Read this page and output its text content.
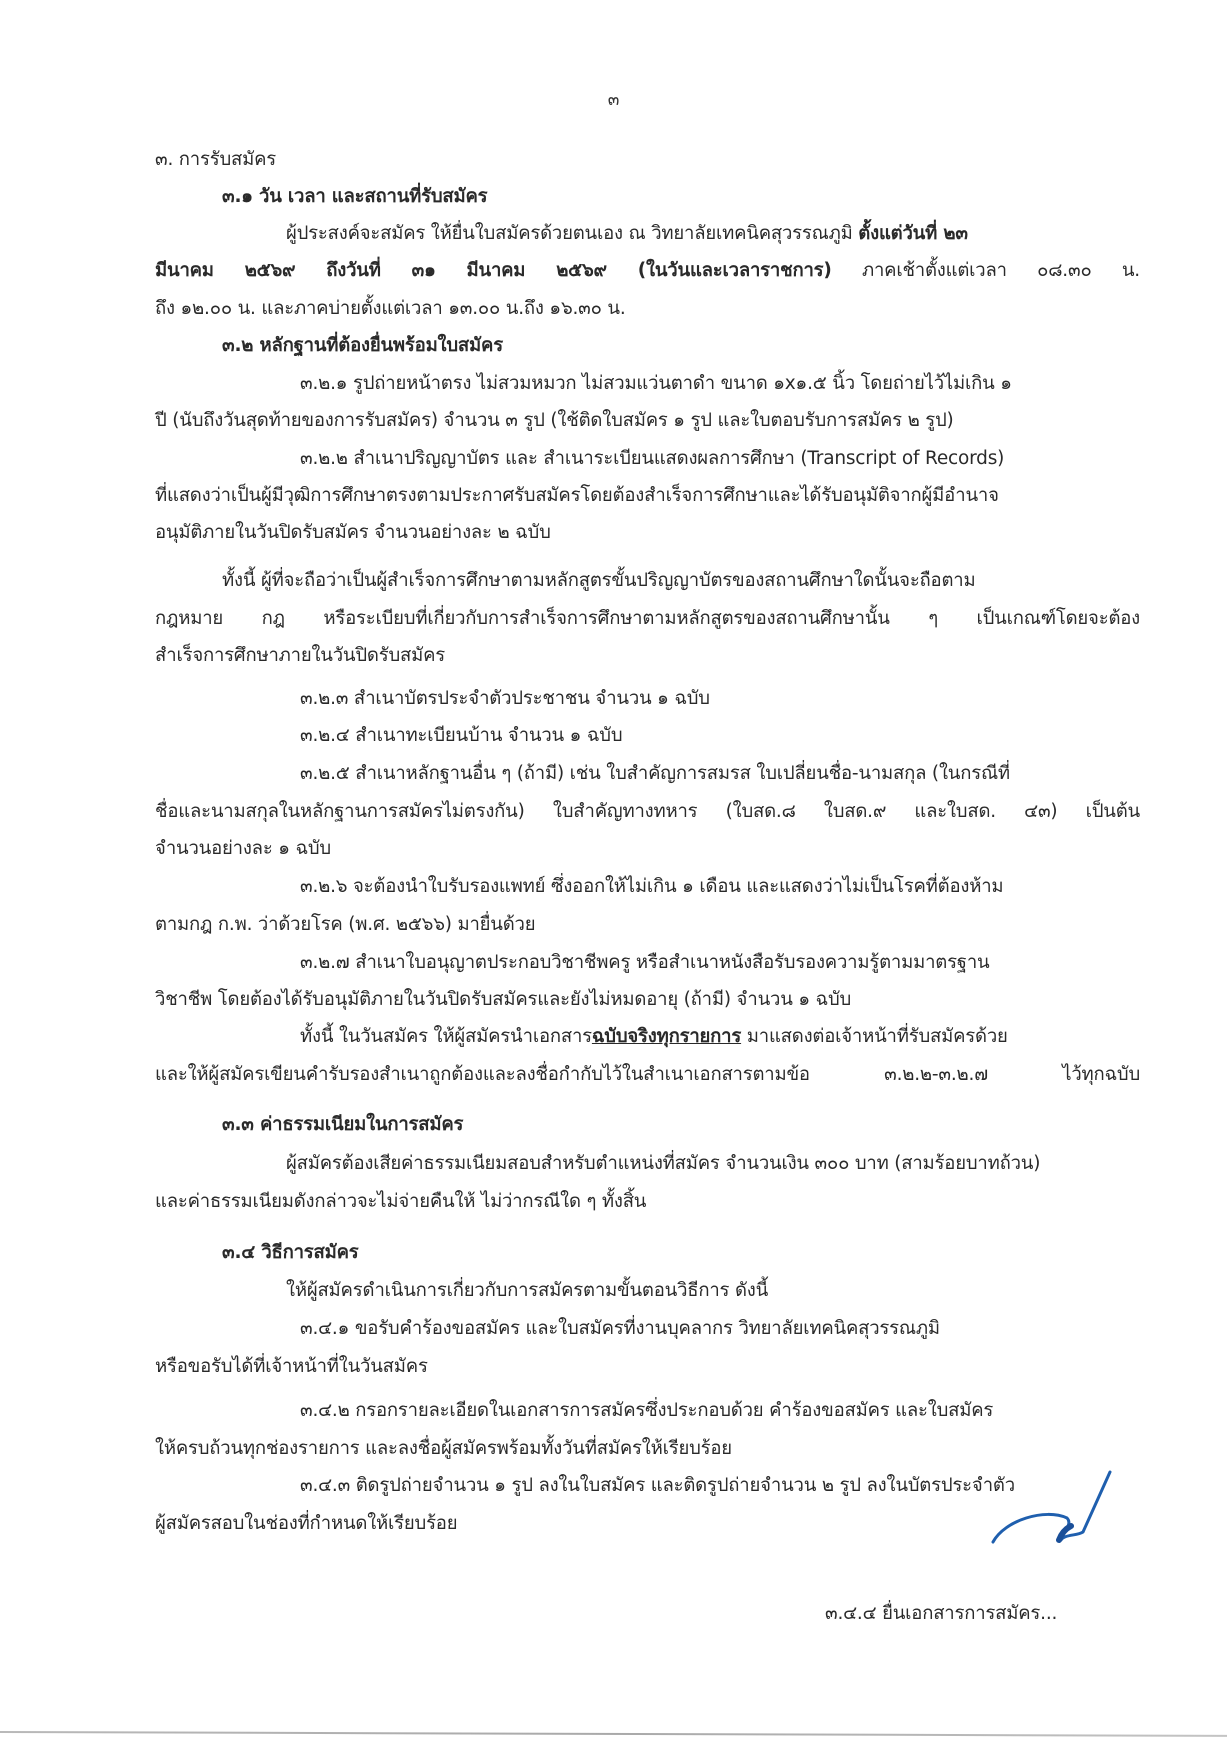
๓
๓. การรับสมัคร
๓.๑ วัน เวลา และสถานที่รับสมัคร
ผู้ประสงค์จะสมัคร ให้ยื่นใบสมัครด้วยตนเอง ณ วิทยาลัยเทคนิคสุวรรณภูมิ ตั้งแต่วันที่ ๒๓
มีนาคม ๒๕๖๙ ถึงวันที่ ๓๑ มีนาคม ๒๕๖๙ (ในวันและเวลาราชการ) ภาคเช้าตั้งแต่เวลา ๐๘.๓๐ น.
ถึง ๑๒.๐๐ น. และภาคบ่ายตั้งแต่เวลา ๑๓.๐๐ น.ถึง ๑๖.๓๐ น.
๓.๒ หลักฐานที่ต้องยื่นพร้อมใบสมัคร
๓.๒.๑ รูปถ่ายหน้าตรง ไม่สวมหมวก ไม่สวมแว่นตาดำ ขนาด ๑x๑.๕ นิ้ว โดยถ่ายไว้ไม่เกิน ๑
ปี (นับถึงวันสุดท้ายของการรับสมัคร) จำนวน ๓ รูป (ใช้ติดใบสมัคร ๑ รูป และใบตอบรับการสมัคร ๒ รูป)
๓.๒.๒ สำเนาปริญญาบัตร และ สำเนาระเบียนแสดงผลการศึกษา (Transcript of Records)
ที่แสดงว่าเป็นผู้มีวุฒิการศึกษาตรงตามประกาศรับสมัครโดยต้องสำเร็จการศึกษาและได้รับอนุมัติจากผู้มีอำนาจ
อนุมัติภายในวันปิดรับสมัคร จำนวนอย่างละ ๒ ฉบับ
ทั้งนี้ ผู้ที่จะถือว่าเป็นผู้สำเร็จการศึกษาตามหลักสูตรขั้นปริญญาบัตรของสถานศึกษาใดนั้นจะถือตาม
กฎหมาย กฎ หรือระเบียบที่เกี่ยวกับการสำเร็จการศึกษาตามหลักสูตรของสถานศึกษานั้น ๆ เป็นเกณฑ์โดยจะต้อง
สำเร็จการศึกษาภายในวันปิดรับสมัคร
๓.๒.๓ สำเนาบัตรประจำตัวประชาชน จำนวน ๑ ฉบับ
๓.๒.๔ สำเนาทะเบียนบ้าน จำนวน ๑ ฉบับ
๓.๒.๕ สำเนาหลักฐานอื่น ๆ (ถ้ามี) เช่น ใบสำคัญการสมรส ใบเปลี่ยนชื่อ-นามสกุล (ในกรณีที่
ชื่อและนามสกุลในหลักฐานการสมัครไม่ตรงกัน) ใบสำคัญทางทหาร (ใบสด.๘ ใบสด.๙ และใบสด. ๔๓) เป็นต้น
จำนวนอย่างละ ๑ ฉบับ
๓.๒.๖ จะต้องนำใบรับรองแพทย์ ซึ่งออกให้ไม่เกิน ๑ เดือน และแสดงว่าไม่เป็นโรคที่ต้องห้าม
ตามกฎ ก.พ. ว่าด้วยโรค (พ.ศ. ๒๕๖๖) มายื่นด้วย
๓.๒.๗ สำเนาใบอนุญาตประกอบวิชาชีพครู หรือสำเนาหนังสือรับรองความรู้ตามมาตรฐาน
วิชาชีพ โดยต้องได้รับอนุมัติภายในวันปิดรับสมัครและยังไม่หมดอายุ (ถ้ามี) จำนวน ๑ ฉบับ
ทั้งนี้ ในวันสมัคร ให้ผู้สมัครนำเอกสารฉบับจริงทุกรายการ มาแสดงต่อเจ้าหน้าที่รับสมัครด้วย
และให้ผู้สมัครเขียนคำรับรองสำเนาถูกต้องและลงชื่อกำกับไว้ในสำเนาเอกสารตามข้อ ๓.๒.๒-๓.๒.๗ ไว้ทุกฉบับ
๓.๓ ค่าธรรมเนียมในการสมัคร
ผู้สมัครต้องเสียค่าธรรมเนียมสอบสำหรับตำแหน่งที่สมัคร จำนวนเงิน ๓๐๐ บาท (สามร้อยบาทถ้วน)
และค่าธรรมเนียมดังกล่าวจะไม่จ่ายคืนให้ ไม่ว่ากรณีใด ๆ ทั้งสิ้น
๓.๔ วิธีการสมัคร
ให้ผู้สมัครดำเนินการเกี่ยวกับการสมัครตามขั้นตอนวิธีการ ดังนี้
๓.๔.๑ ขอรับคำร้องขอสมัคร และใบสมัครที่งานบุคลากร วิทยาลัยเทคนิคสุวรรณภูมิ
หรือขอรับได้ที่เจ้าหน้าที่ในวันสมัคร
๓.๔.๒ กรอกรายละเอียดในเอกสารการสมัครซึ่งประกอบด้วย คำร้องขอสมัคร และใบสมัคร
ให้ครบถ้วนทุกช่องรายการ และลงชื่อผู้สมัครพร้อมทั้งวันที่สมัครให้เรียบร้อย
๓.๔.๓ ติดรูปถ่ายจำนวน ๑ รูป ลงในใบสมัคร และติดรูปถ่ายจำนวน ๒ รูป ลงในบัตรประจำตัว
ผู้สมัครสอบในช่องที่กำหนดให้เรียบร้อย
๓.๔.๔ ยื่นเอกสารการสมัคร...
